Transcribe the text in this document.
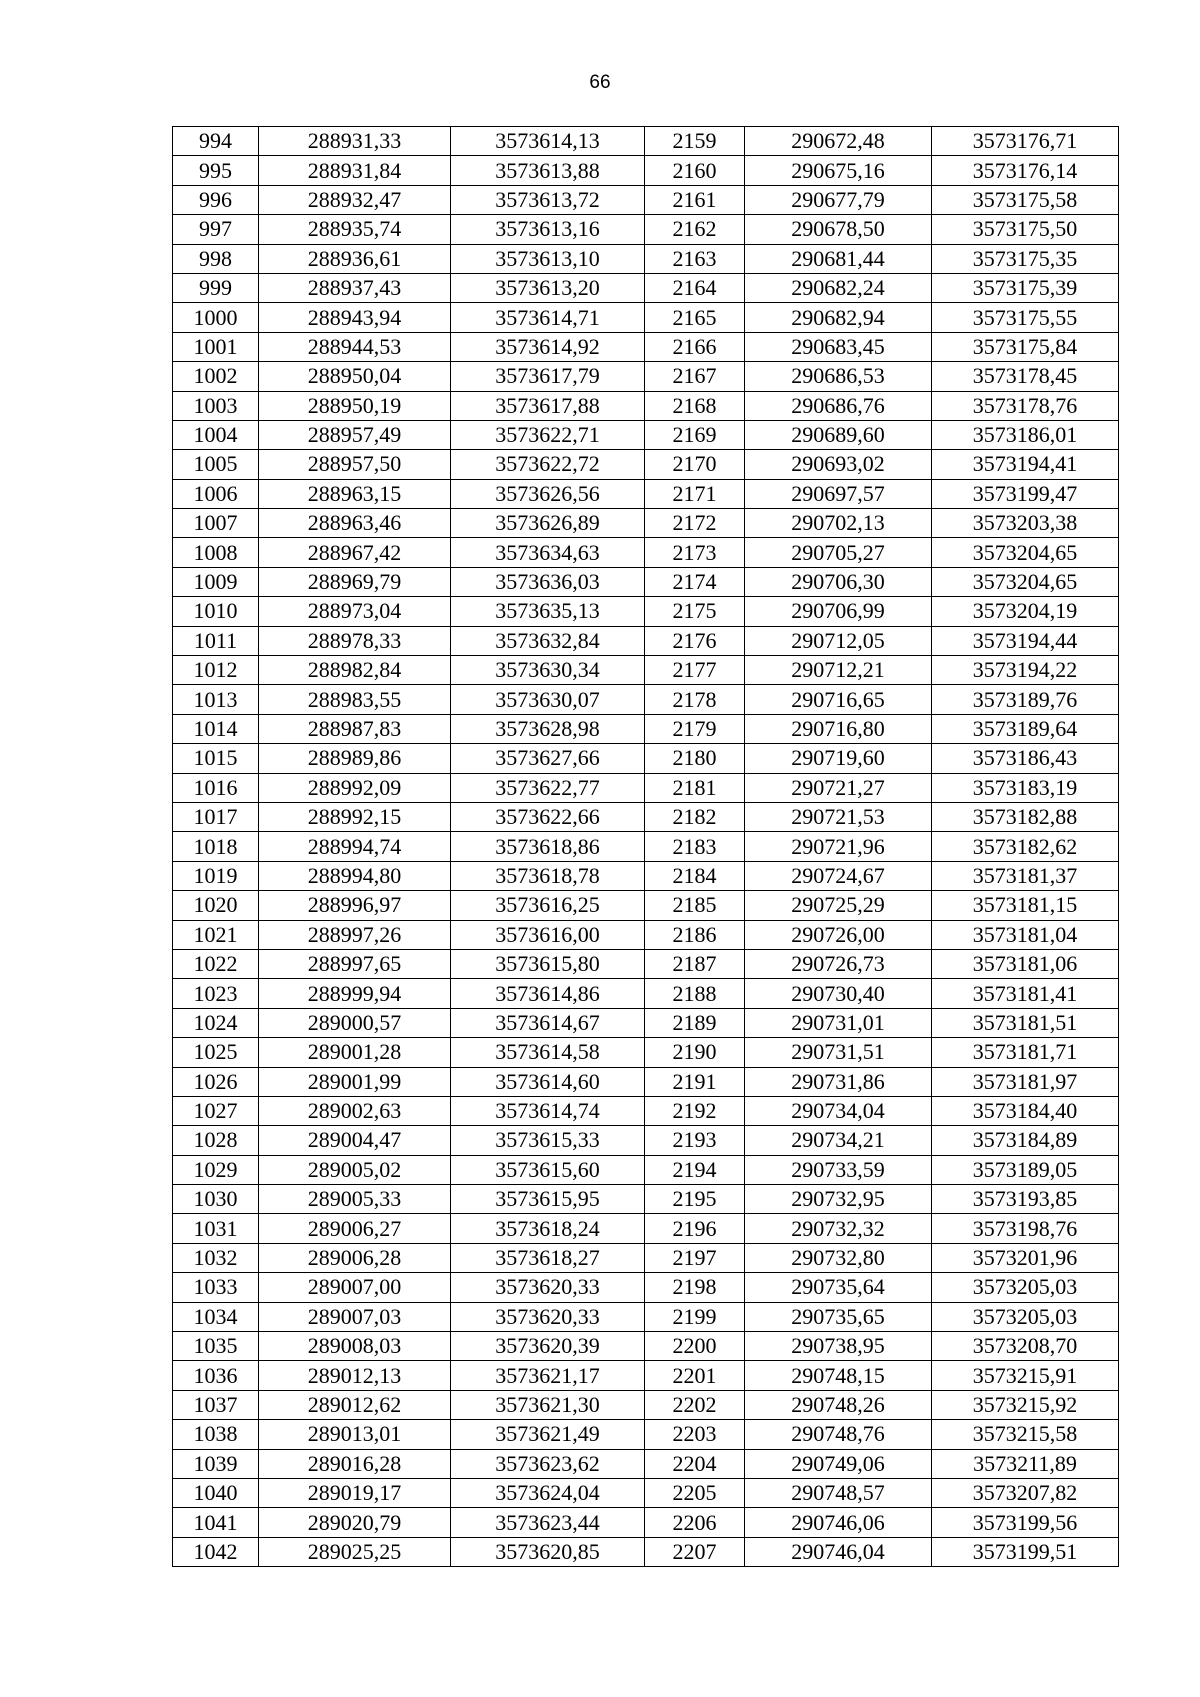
66
994	288931,33	3573614,13	2159	290672,48	3573176,71
995	288931,84	3573613,88	2160	290675,16	3573176,14
996	288932,47	3573613,72	2161	290677,79	3573175,58
997	288935,74	3573613,16	2162	290678,50	3573175,50
998	288936,61	3573613,10	2163	290681,44	3573175,35
999	288937,43	3573613,20	2164	290682,24	3573175,39
1000	288943,94	3573614,71	2165	290682,94	3573175,55
1001	288944,53	3573614,92	2166	290683,45	3573175,84
1002	288950,04	3573617,79	2167	290686,53	3573178,45
1003	288950,19	3573617,88	2168	290686,76	3573178,76
1004	288957,49	3573622,71	2169	290689,60	3573186,01
1005	288957,50	3573622,72	2170	290693,02	3573194,41
1006	288963,15	3573626,56	2171	290697,57	3573199,47
1007	288963,46	3573626,89	2172	290702,13	3573203,38
1008	288967,42	3573634,63	2173	290705,27	3573204,65
1009	288969,79	3573636,03	2174	290706,30	3573204,65
1010	288973,04	3573635,13	2175	290706,99	3573204,19
1011	288978,33	3573632,84	2176	290712,05	3573194,44
1012	288982,84	3573630,34	2177	290712,21	3573194,22
1013	288983,55	3573630,07	2178	290716,65	3573189,76
1014	288987,83	3573628,98	2179	290716,80	3573189,64
1015	288989,86	3573627,66	2180	290719,60	3573186,43
1016	288992,09	3573622,77	2181	290721,27	3573183,19
1017	288992,15	3573622,66	2182	290721,53	3573182,88
1018	288994,74	3573618,86	2183	290721,96	3573182,62
1019	288994,80	3573618,78	2184	290724,67	3573181,37
1020	288996,97	3573616,25	2185	290725,29	3573181,15
1021	288997,26	3573616,00	2186	290726,00	3573181,04
1022	288997,65	3573615,80	2187	290726,73	3573181,06
1023	288999,94	3573614,86	2188	290730,40	3573181,41
1024	289000,57	3573614,67	2189	290731,01	3573181,51
1025	289001,28	3573614,58	2190	290731,51	3573181,71
1026	289001,99	3573614,60	2191	290731,86	3573181,97
1027	289002,63	3573614,74	2192	290734,04	3573184,40
1028	289004,47	3573615,33	2193	290734,21	3573184,89
1029	289005,02	3573615,60	2194	290733,59	3573189,05
1030	289005,33	3573615,95	2195	290732,95	3573193,85
1031	289006,27	3573618,24	2196	290732,32	3573198,76
1032	289006,28	3573618,27	2197	290732,80	3573201,96
1033	289007,00	3573620,33	2198	290735,64	3573205,03
1034	289007,03	3573620,33	2199	290735,65	3573205,03
1035	289008,03	3573620,39	2200	290738,95	3573208,70
1036	289012,13	3573621,17	2201	290748,15	3573215,91
1037	289012,62	3573621,30	2202	290748,26	3573215,92
1038	289013,01	3573621,49	2203	290748,76	3573215,58
1039	289016,28	3573623,62	2204	290749,06	3573211,89
1040	289019,17	3573624,04	2205	290748,57	3573207,82
1041	289020,79	3573623,44	2206	290746,06	3573199,56
1042	289025,25	3573620,85	2207	290746,04	3573199,51
